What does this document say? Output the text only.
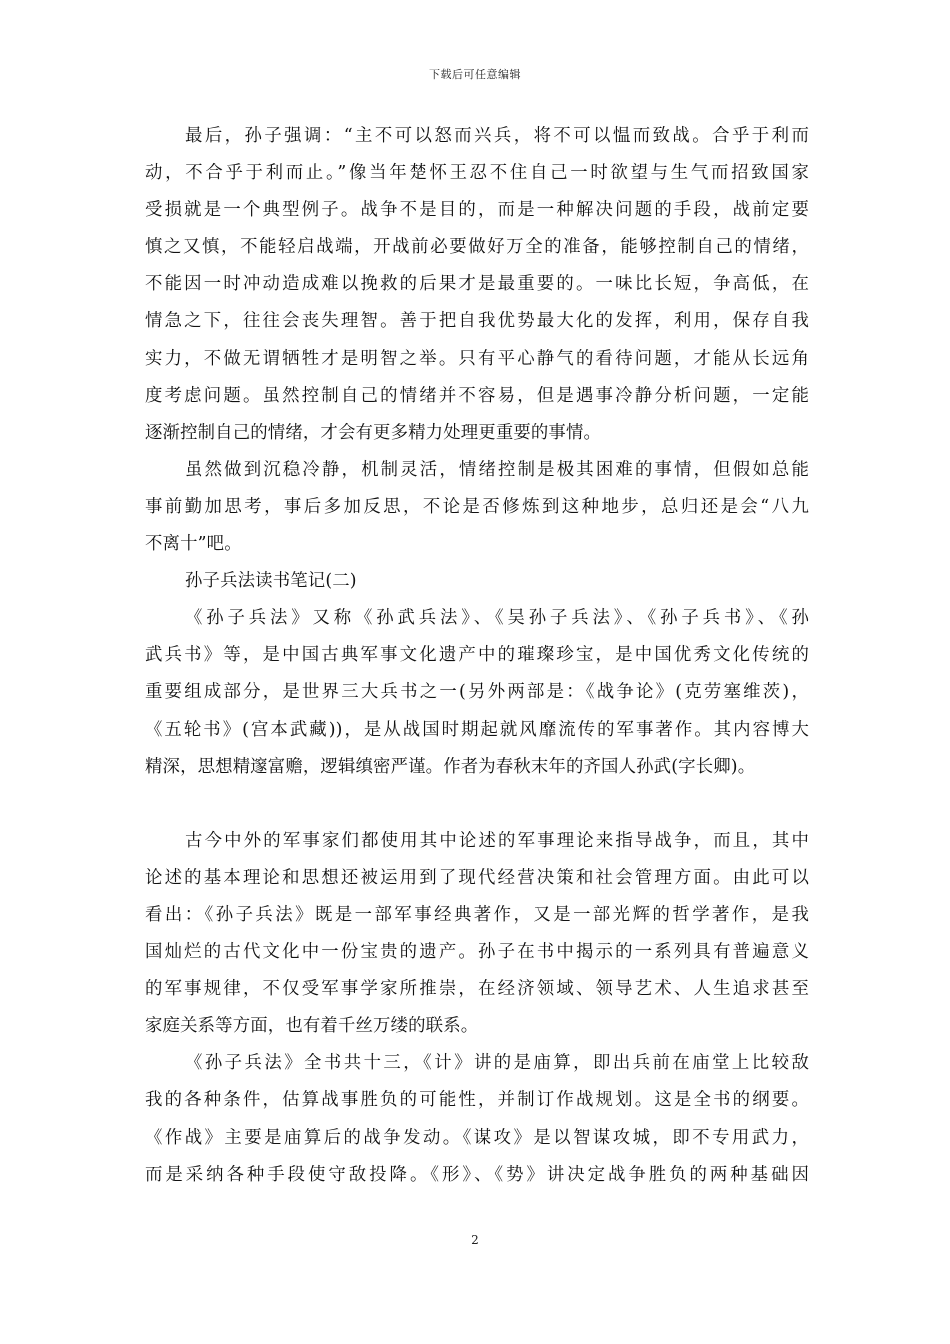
下载后可任意编辑
最后，孙子强调：“主不可以怒而兴兵，将不可以愠而致战。合乎于利而
动，不合乎于利而止。”像当年楚怀王忍不住自己一时欲望与生气而招致国家
受损就是一个典型例子。战争不是目的，而是一种解决问题的手段，战前定要
慎之又慎，不能轻启战端，开战前必要做好万全的准备，能够控制自己的情绪，
不能因一时冲动造成难以挽救的后果才是最重要的。一味比长短，争高低，在
情急之下，往往会丧失理智。善于把自我优势最大化的发挥，利用，保存自我
实力，不做无谓牺牲才是明智之举。只有平心静气的看待问题，才能从长远角
度考虑问题。虽然控制自己的情绪并不容易，但是遇事冷静分析问题，一定能
逐渐控制自己的情绪，才会有更多精力处理更重要的事情。
虽然做到沉稳冷静，机制灵活，情绪控制是极其困难的事情，但假如总能
事前勤加思考，事后多加反思，不论是否修炼到这种地步，总归还是会“八九
不离十”吧。
孙子兵法读书笔记(二)
《孙子兵法》又称《孙武兵法》、《吴孙子兵法》、《孙子兵书》、《孙
武兵书》等，是中国古典军事文化遗产中的璀璨珍宝，是中国优秀文化传统的
重要组成部分，是世界三大兵书之一(另外两部是：《战争论》(克劳塞维茨)，
《五轮书》(宫本武藏))，是从战国时期起就风靡流传的军事著作。其内容博大
精深，思想精邃富赡，逻辑缜密严谨。作者为春秋末年的齐国人孙武(字长卿)。
古今中外的军事家们都使用其中论述的军事理论来指导战争，而且，其中
论述的基本理论和思想还被运用到了现代经营决策和社会管理方面。由此可以
看出：《孙子兵法》既是一部军事经典著作，又是一部光辉的哲学著作，是我
国灿烂的古代文化中一份宝贵的遗产。孙子在书中揭示的一系列具有普遍意义
的军事规律，不仅受军事学家所推崇，在经济领域、领导艺术、人生追求甚至
家庭关系等方面，也有着千丝万缕的联系。
《孙子兵法》全书共十三，《计》讲的是庙算，即出兵前在庙堂上比较敌
我的各种条件，估算战事胜负的可能性，并制订作战规划。这是全书的纲要。
《作战》主要是庙算后的战争发动。《谋攻》是以智谋攻城，即不专用武力，
而是采纳各种手段使守敌投降。《形》、《势》讲决定战争胜负的两种基础因
2
